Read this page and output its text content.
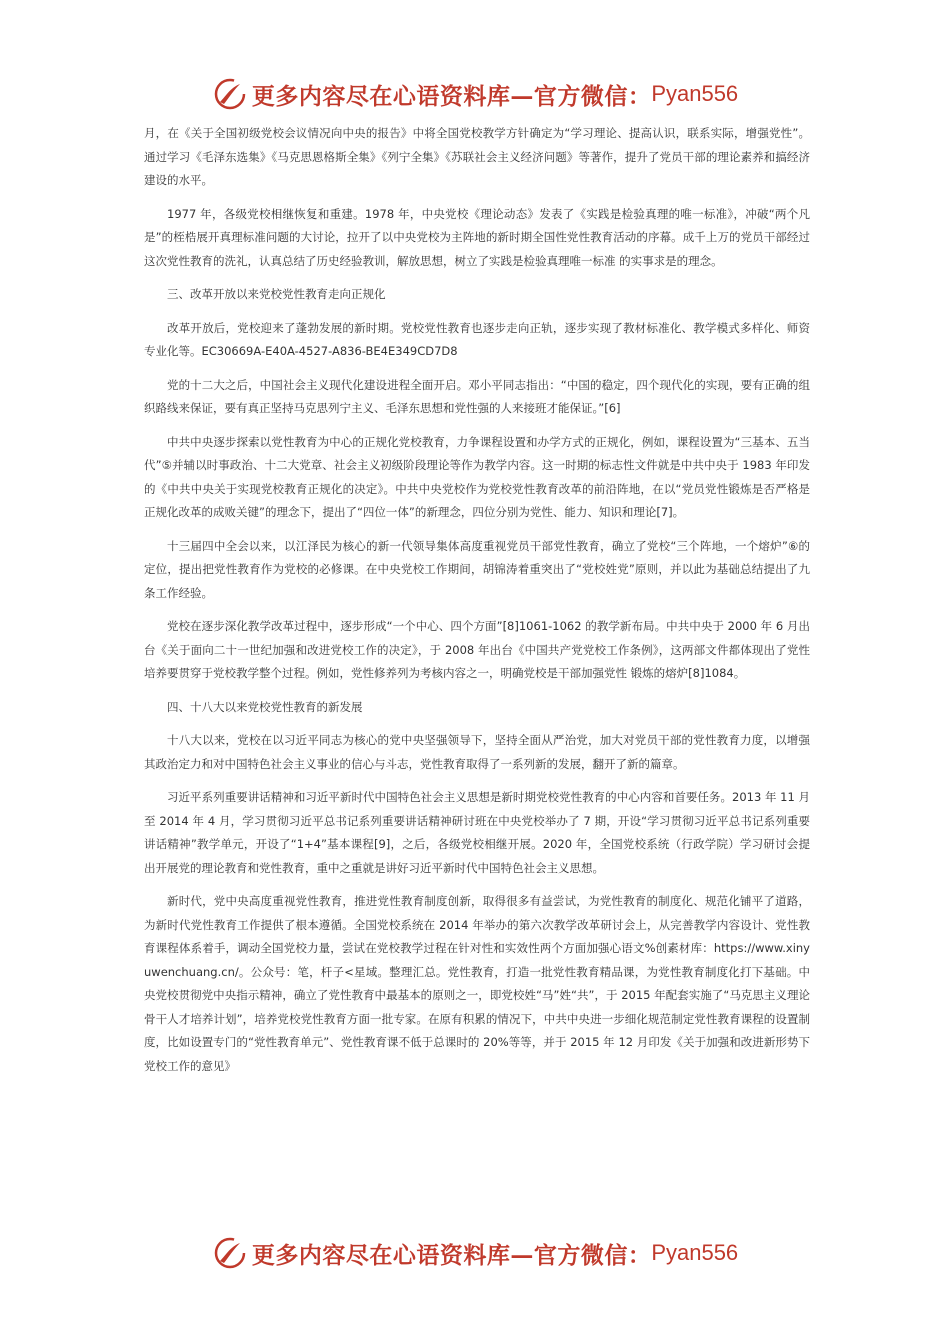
更多内容尽在心语资料库—官方微信： Pyan556

月，在《关于全国初级党校会议情况向中央的报告》中将全国党校教学方针确定为“学习理论、提高认识，联系实际，增强党性”。通过学习《毛泽东选集》《马克思恩格斯全集》《列宁全集》《苏联社会主义经济问题》等著作，提升了党员干部的理论素养和搞经济建设的水平。

1977 年，各级党校相继恢复和重建。1978 年，中央党校《理论动态》发表了《实践是检验真理的唯一标准》，冲破“两个凡是”的桎梏展开真理标准问题的大讨论，拉开了以中央党校为主阵地的新时期全国性党性教育活动的序幕。成千上万的党员干部经过这次党性教育的洗礼，认真总结了历史经验教训，解放思想，树立了实践是检验真理唯一标准 的实事求是的理念。

三、改革开放以来党校党性教育走向正规化

改革开放后，党校迎来了蓬勃发展的新时期。党校党性教育也逐步走向正轨，逐步实现了教材标准化、教学模式多样化、师资专业化等。EC30669A-E40A-4527-A836-BE4E349CD7D8

党的十二大之后，中国社会主义现代化建设进程全面开启。邓小平同志指出：“中国的稳定，四个现代化的实现，要有正确的组织路线来保证，要有真正坚持马克思列宁主义、毛泽东思想和党性强的人来接班才能保证。”[6]

中共中央逐步探索以党性教育为中心的正规化党校教育，力争课程设置和办学方式的正规化，例如，课程设置为“三基本、五当代”⑤并辅以时事政治、十二大党章、社会主义初级阶段理论等作为教学内容。这一时期的标志性文件就是中共中央于 1983 年印发的《中共中央关于实现党校教育正规化的决定》。中共中央党校作为党校党性教育改革的前沿阵地，在以“党员党性锻炼是否严格是正规化改革的成败关键”的理念下，提出了“四位一体”的新理念，四位分别为党性、能力、知识和理论[7]。

十三届四中全会以来，以江泽民为核心的新一代领导集体高度重视党员干部党性教育，确立了党校“三个阵地，一个熔炉”⑥的定位，提出把党性教育作为党校的必修课。在中央党校工作期间，胡锦涛着重突出了“党校姓党”原则，并以此为基础总结提出了九条工作经验。

党校在逐步深化教学改革过程中，逐步形成“一个中心、四个方面”[8]1061-1062 的教学新布局。中共中央于 2000 年 6 月出台《关于面向二十一世纪加强和改进党校工作的决定》，于 2008 年出台《中国共产党党校工作条例》，这两部文件都体现出了党性培养要贯穿于党校教学整个过程。例如，党性修养列为考核内容之一，明确党校是干部加强党性 锻炼的熔炉[8]1084。

四、十八大以来党校党性教育的新发展

十八大以来，党校在以习近平同志为核心的党中央坚强领导下，坚持全面从严治党，加大对党员干部的党性教育力度，以增强其政治定力和对中国特色社会主义事业的信心与斗志，党性教育取得了一系列新的发展，翻开了新的篇章。

习近平系列重要讲话精神和习近平新时代中国特色社会主义思想是新时期党校党性教育的中心内容和首要任务。2013 年 11 月至 2014 年 4 月，学习贯彻习近平总书记系列重要讲话精神研讨班在中央党校举办了 7 期，开设“学习贯彻习近平总书记系列重要讲话精神”教学单元，开设了“1+4”基本课程[9]，之后，各级党校相继开展。2020 年，全国党校系统（行政学院）学习研讨会提出开展党的理论教育和党性教育，重中之重就是讲好习近平新时代中国特色社会主义思想。

新时代，党中央高度重视党性教育，推进党性教育制度创新，取得很多有益尝试，为党性教育的制度化、规范化铺平了道路，为新时代党性教育工作提供了根本遵循。全国党校系统在 2014 年举办的第六次教学改革研讨会上，从完善教学内容设计、党性教育课程体系着手，调动全国党校力量，尝试在党校教学过程在针对性和实效性两个方面加强心语文%创素材库：https://www.xinyuwenchuang.cn/。公众号：笔，杆子<星域。整理汇总。党性教育，打造一批党性教育精品课，为党性教育制度化打下基础。中央党校贯彻党中央指示精神，确立了党性教育中最基本的原则之一，即党校姓“马”姓“共”，于 2015 年配套实施了“马克思主义理论骨干人才培养计划”，培养党校党性教育方面一批专家。在原有积累的情况下，中共中央进一步细化规范制定党性教育课程的设置制度，比如设置专门的“党性教育单元”、党性教育课不低于总课时的 20%等等，并于 2015 年 12 月印发《关于加强和改进新形势下党校工作的意见》

更多内容尽在心语资料库—官方微信： Pyan556
